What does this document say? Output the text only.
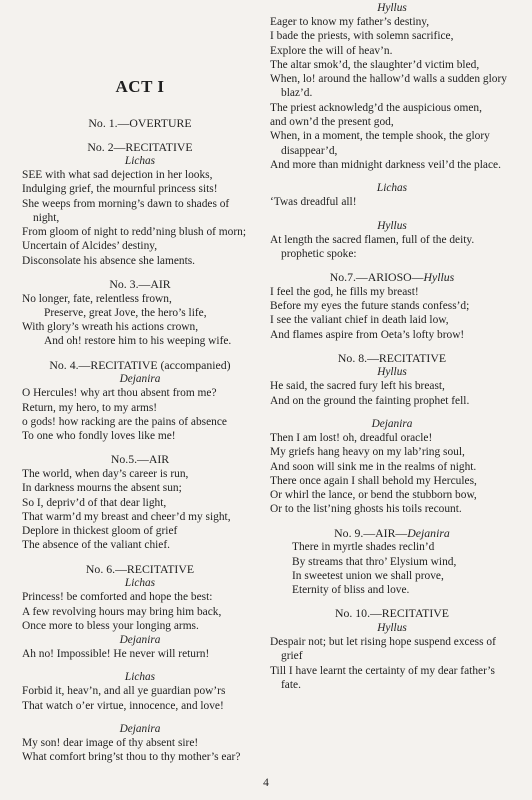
ACT I
No. 1.—OVERTURE
No. 2—RECITATIVE
Lichas
SEE with what sad dejection in her looks,
Indulging grief, the mournful princess sits!
She weeps from morning’s dawn to shades of night,
From gloom of night to redd’ning blush of morn;
Uncertain of Alcides’ destiny,
Disconsolate his absence she laments.
No. 3.—AIR
No longer, fate, relentless frown,
Preserve, great Jove, the hero’s life,
With glory’s wreath his actions crown,
And oh! restore him to his weeping wife.
No. 4.—RECITATIVE (accompanied)
Dejanira
O Hercules! why art thou absent from me?
Return, my hero, to my arms!
o gods! how racking are the pains of absence
To one who fondly loves like me!
No.5.—AIR
The world, when day’s career is run,
In darkness mourns the absent sun;
So I, depriv’d of that dear light,
That warm’d my breast and cheer’d my sight,
Deplore in thickest gloom of grief
The absence of the valiant chief.
No. 6.—RECITATIVE
Lichas
Princess! be comforted and hope the best:
A few revolving hours may bring him back,
Once more to bless your longing arms.
Dejanira
Ah no! Impossible! He never will return!
Lichas
Forbid it, heav’n, and all ye guardian pow’rs
That watch o’er virtue, innocence, and love!
Dejanira
My son! dear image of thy absent sire!
What comfort bring’st thou to thy mother’s ear?
Hyllus
Eager to know my father’s destiny,
I bade the priests, with solemn sacrifice,
Explore the will of heav’n.
The altar smok’d, the slaughter’d victim bled,
When, lo! around the hallow’d walls a sudden glory blaz’d.
The priest acknowledg’d the auspicious omen,
and own’d the present god,
When, in a moment, the temple shook, the glory disappear’d,
And more than midnight darkness veil’d the place.
Lichas
‘Twas dreadful all!
Hyllus
At length the sacred flamen, full of the deity. prophetic spoke:
No.7.—ARIOSO—Hyllus
I feel the god, he fills my breast!
Before my eyes the future stands confess’d;
I see the valiant chief in death laid low,
And flames aspire from Oeta’s lofty brow!
No. 8.—RECITATIVE
Hyllus
He said, the sacred fury left his breast,
And on the ground the fainting prophet fell.
Dejanira
Then I am lost! oh, dreadful oracle!
My griefs hang heavy on my lab’ring soul,
And soon will sink me in the realms of night.
There once again I shall behold my Hercules,
Or whirl the lance, or bend the stubborn bow,
Or to the list’ning ghosts his toils recount.
No. 9.—AIR—Dejanira
There in myrtle shades reclin’d
By streams that thro’ Elysium wind,
In sweetest union we shall prove,
Eternity of bliss and love.
No. 10.—RECITATIVE
Hyllus
Despair not; but let rising hope suspend excess of grief
Till I have learnt the certainty of my dear father’s fate.
4
